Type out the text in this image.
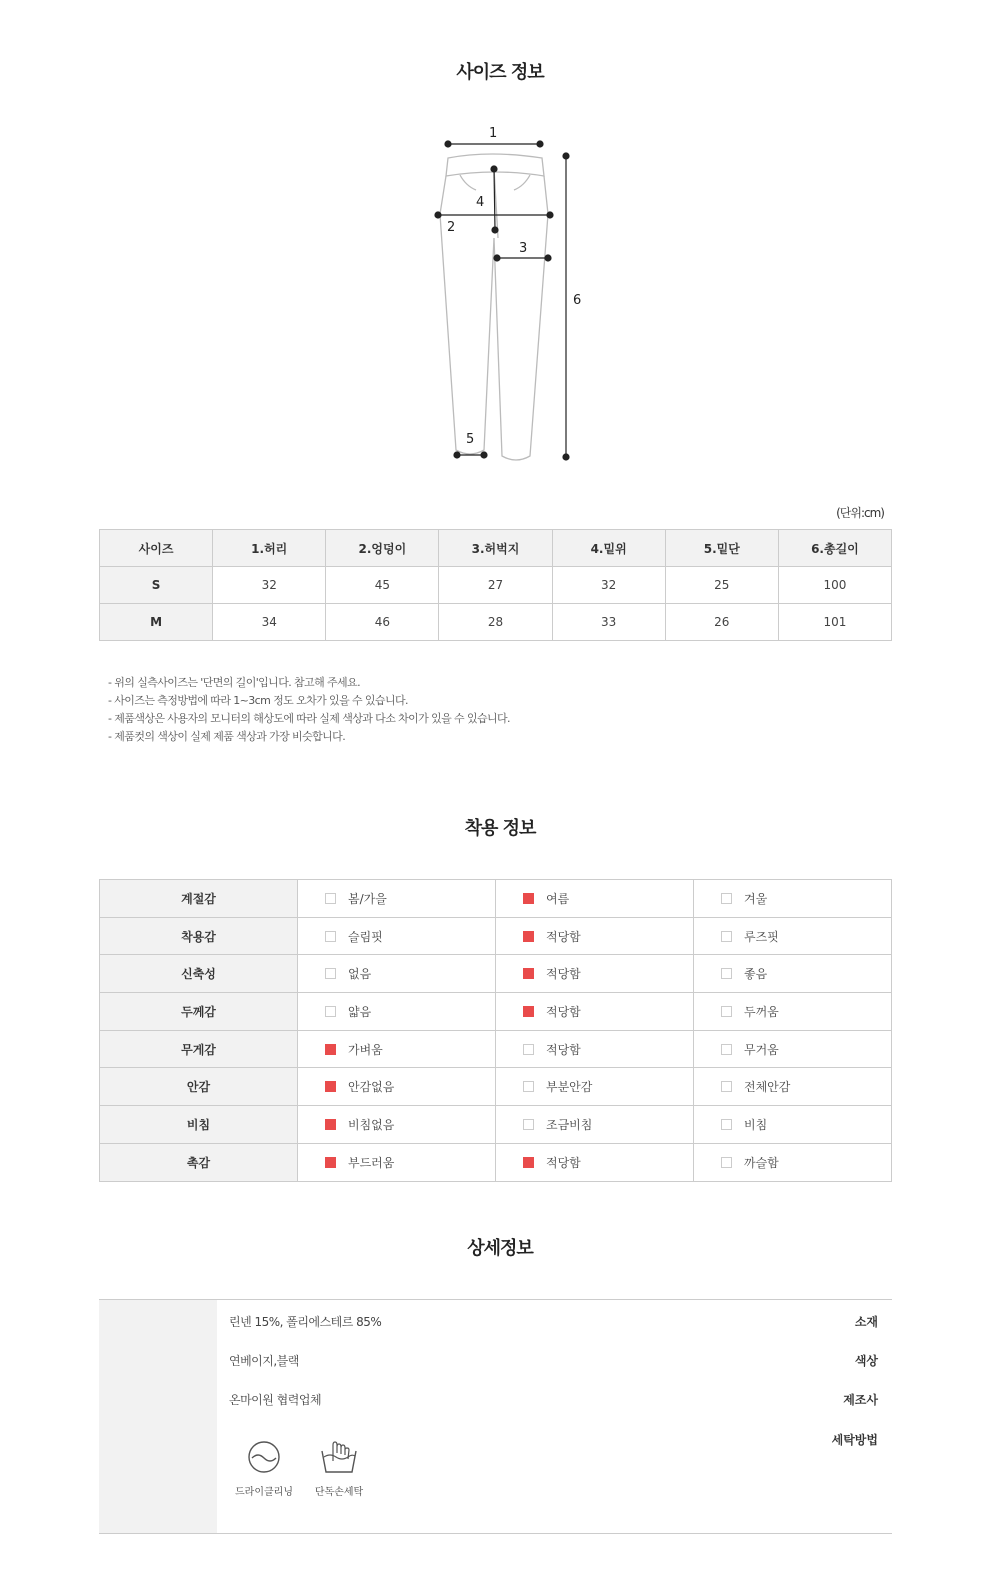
사이즈 정보
1
2
3
4
5
6
(단위:cm)
사이즈	1.허리	2.엉덩이	3.허벅지	4.밑위	5.밑단	6.총길이
S	32	45	27	32	25	100
M	34	46	28	33	26	101
- 위의 실측사이즈는 '단면의 길이'입니다. 참고해 주세요.
- 사이즈는 측정방법에 따라 1~3cm 정도 오차가 있을 수 있습니다.
- 제품색상은 사용자의 모니터의 해상도에 따라 실제 색상과 다소 차이가 있을 수 있습니다.
- 제품컷의 색상이 실제 제품 색상과 가장 비슷합니다.
착용 정보
계절감	봄/가을	여름	겨울
착용감	슬림핏	적당함	루즈핏
신축성	없음	적당함	좋음
두께감	얇음	적당함	두꺼움
무게감	가벼움	적당함	무거움
안감	안감없음	부분안감	전체안감
비침	비침없음	조금비침	비침
촉감	부드러움	적당함	까슬함
상세정보
소재
린넨 15%, 폴리에스테르 85%
색상
연베이지,블랙
제조사
온마이원 협력업체
세탁방법
드라이클리닝	단독손세탁
